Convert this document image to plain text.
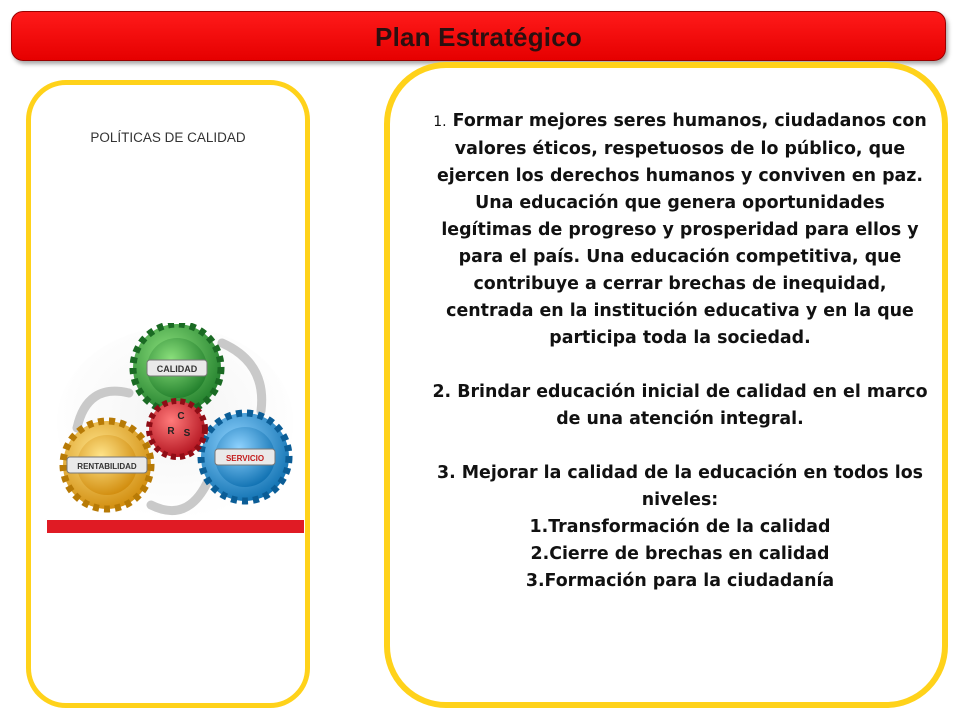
Plan Estratégico
POLÍTICAS DE CALIDAD
CALIDAD
SERVICIO
RENTABILIDAD
C
R S

1. Formar mejores seres humanos, ciudadanos con valores éticos, respetuosos de lo público, que ejercen los derechos humanos y conviven en paz. Una educación que genera oportunidades legítimas de progreso y prosperidad para ellos y para el país. Una educación competitiva, que contribuye a cerrar brechas de inequidad, centrada en la institución educativa y en la que participa toda la sociedad.

2. Brindar educación inicial de calidad en el marco de una atención integral.

3. Mejorar la calidad de la educación en todos los niveles:

1.Transformación de la calidad

2.Cierre de brechas en calidad

3.Formación para la ciudadanía
